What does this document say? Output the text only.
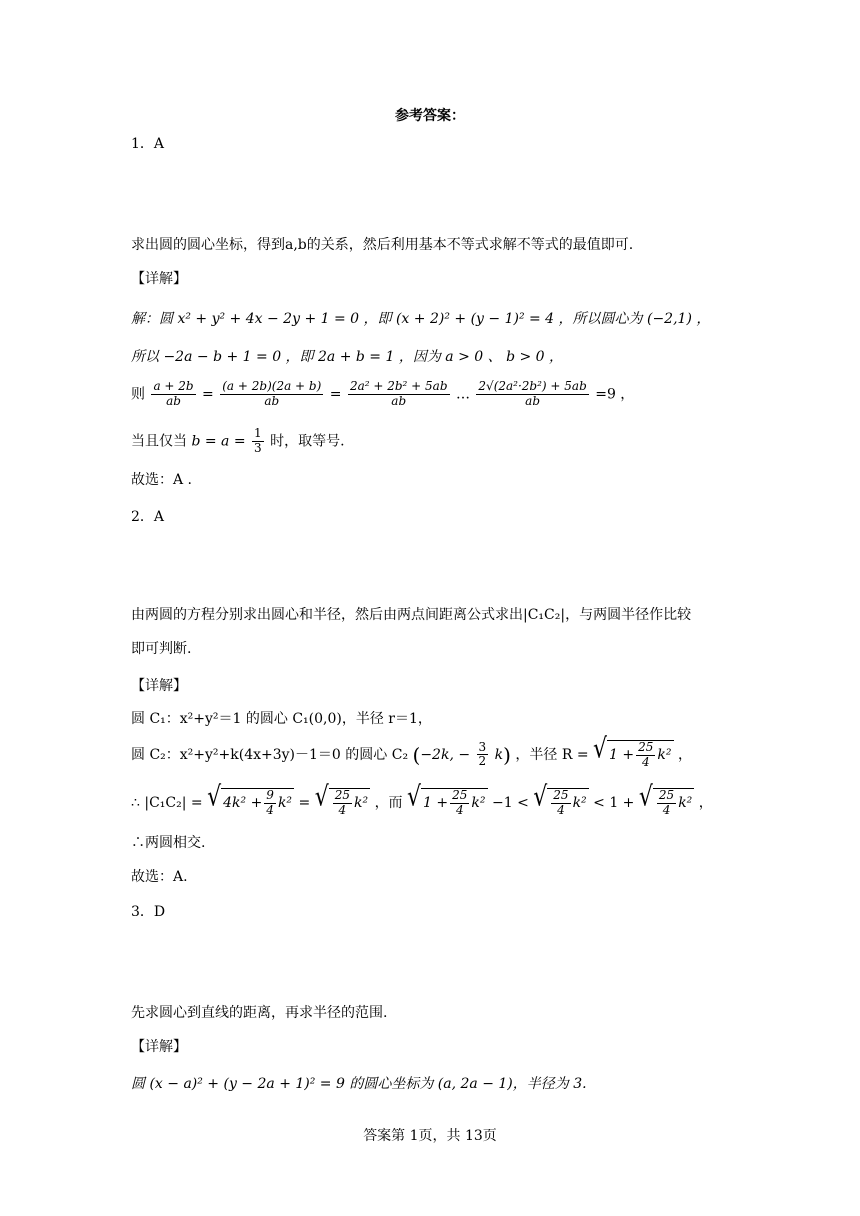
参考答案：
1．A
求出圆的圆心坐标，得到a,b的关系，然后利用基本不等式求解不等式的最值即可.
【详解】
解：圆 x² + y² + 4x − 2y + 1 = 0 ，即 (x + 2)² + (y − 1)² = 4 ，所以圆心为 (−2,1) ，
所以 −2a − b + 1 = 0 ，即 2a + b = 1 ，因为 a > 0 、 b > 0 ，
则 $\frac{a + 2b}{ab} = \frac{(a + 2b)(2a + b)}{ab} = \frac{\text{2a² + 2b² + 5ab}}{ab}$ … $\frac{\text{2√(2a²·2b²) + 5ab}}{ab} =9$ ，
当且仅当 $b = a = \frac{1}{3}$ 时，取等号.
故选：A .
2．A
由两圆的方程分别求出圆心和半径，然后由两点间距离公式求出|C₁C₂|，与两圆半径作比较
即可判断.
【详解】
圆 C₁：x²+y²＝1 的圆心 C₁(0,0)，半径 r＝1，
圆 C₂：x²+y²+k(4x+3y)－1＝0 的圆心 C₂ (−2k, − $\frac{3}{2} k$) ，半径 R = √ $1 + \frac{25}{4} k^2$ ，
∴ |C₁C₂| = √ $4k^2 + \frac{9}{4} k^2$ = √ $\frac{25}{4} k^2$ ，而 √ $1 + \frac{25}{4} k^2 -1$ < √ $\frac{25}{4} k^2 < 1$ + √ $\frac{25}{4} k^2$ ，
∴两圆相交.
故选：A.
3．D
先求圆心到直线的距离，再求半径的范围.
【详解】
圆 (x − a)² + (y − 2a + 1)² = 9 的圆心坐标为 (a, 2a − 1)，半径为 3.
答案第 1页，共 13页
